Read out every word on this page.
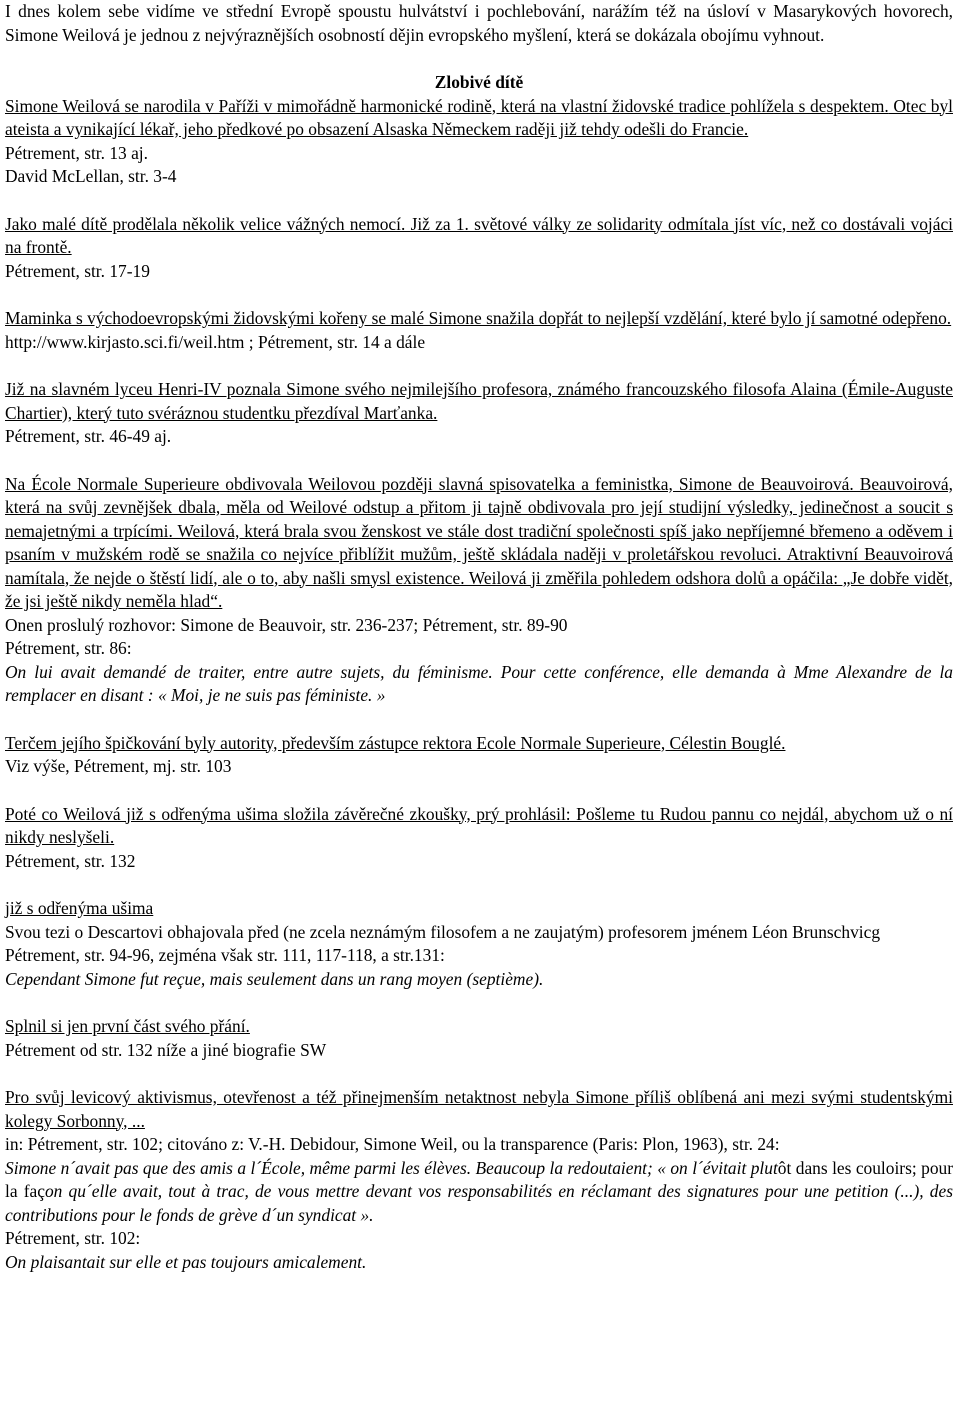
I dnes kolem sebe vidíme ve střední Evropě spoustu hulvátství i pochlebování, narážím též na úsloví v Masarykových hovorech, Simone Weilová je jednou z nejvýraznějších osobností dějin evropského myšlení, která se dokázala obojímu vyhnout.

Zlobivé dítě

Simone Weilová se narodila v Paříži v mimořádně harmonické rodině, která na vlastní židovské tradice pohlížela s despektem. Otec byl ateista a vynikající lékař, jeho předkové po obsazení Alsaska Německem raději již tehdy odešli do Francie.

Pétrement, str. 13 aj.

David McLellan, str. 3-4

Jako malé dítě prodělala několik velice vážných nemocí. Již za 1. světové války ze solidarity odmítala jíst víc, než co dostávali vojáci na frontě.

Pétrement, str. 17-19

Maminka s východoevropskými židovskými kořeny se malé Simone snažila dopřát to nejlepší vzdělání, které bylo jí samotné odepřeno.

http://www.kirjasto.sci.fi/weil.htm ; Pétrement, str. 14 a dále

Již na slavném lyceu Henri-IV poznala Simone svého nejmilejšího profesora, známého francouzského filosofa Alaina (Émile-Auguste Chartier), který tuto svéráznou studentku přezdíval Marťanka.

Pétrement, str. 46-49 aj.

Na École Normale Superieure obdivovala Weilovou později slavná spisovatelka a feministka, Simone de Beauvoirová. Beauvoirová, která na svůj zevnějšek dbala, měla od Weilové odstup a přitom ji tajně obdivovala pro její studijní výsledky, jedinečnost a soucit s nemajetnými a trpícími. Weilová, která brala svou ženskost ve stále dost tradiční společnosti spíš jako nepříjemné břemeno a oděvem i psaním v mužském rodě se snažila co nejvíce přiblížit mužům, ještě skládala naději v proletářskou revoluci. Atraktivní Beauvoirová namítala, že nejde o štěstí lidí, ale o to, aby našli smysl existence. Weilová ji změřila pohledem odshora dolů a opáčila: „Je dobře vidět, že jsi ještě nikdy neměla hlad“.

Onen proslulý rozhovor: Simone de Beauvoir, str. 236-237; Pétrement, str. 89-90

Pétrement, str. 86:

On lui avait demandé de traiter, entre autre sujets, du féminisme. Pour cette conférence, elle demanda à Mme Alexandre de la remplacer en disant : « Moi, je ne suis pas féministe. »

Terčem jejího špičkování byly autority, především zástupce rektora Ecole Normale Superieure, Célestin Bouglé.

Viz výše, Pétrement, mj. str. 103

Poté co Weilová již s odřenýma ušima složila závěrečné zkoušky, prý prohlásil: Pošleme tu Rudou pannu co nejdál, abychom už o ní nikdy neslyšeli.

Pétrement, str. 132

již s odřenýma ušima

Svou tezi o Descartovi obhajovala před (ne zcela neznámým filosofem a ne zaujatým) profesorem jménem Léon Brunschvicg

Pétrement, str. 94-96, zejména však str. 111, 117-118, a str.131:

Cependant Simone fut reçue, mais seulement dans un rang moyen (septième).

Splnil si jen první část svého přání.

Pétrement od str. 132 níže a jiné biografie SW

Pro svůj levicový aktivismus, otevřenost a též přinejmenším netaktnost nebyla Simone příliš oblíbená ani mezi svými studentskými kolegy Sorbonny, ...

in: Pétrement, str. 102; citováno z: V.-H. Debidour, Simone Weil, ou la transparence (Paris: Plon, 1963), str. 24:

Simone n´avait pas que des amis a l´École, même parmi les élèves. Beaucoup la redoutaient; « on l´évitait plutôt dans les couloirs; pour la façon qu´elle avait, tout à trac, de vous mettre devant vos responsabilités en réclamant des signatures pour une petition (...), des contributions pour le fonds de grève d´un syndicat ».

Pétrement, str. 102:

On plaisantait sur elle et pas toujours amicalement.
